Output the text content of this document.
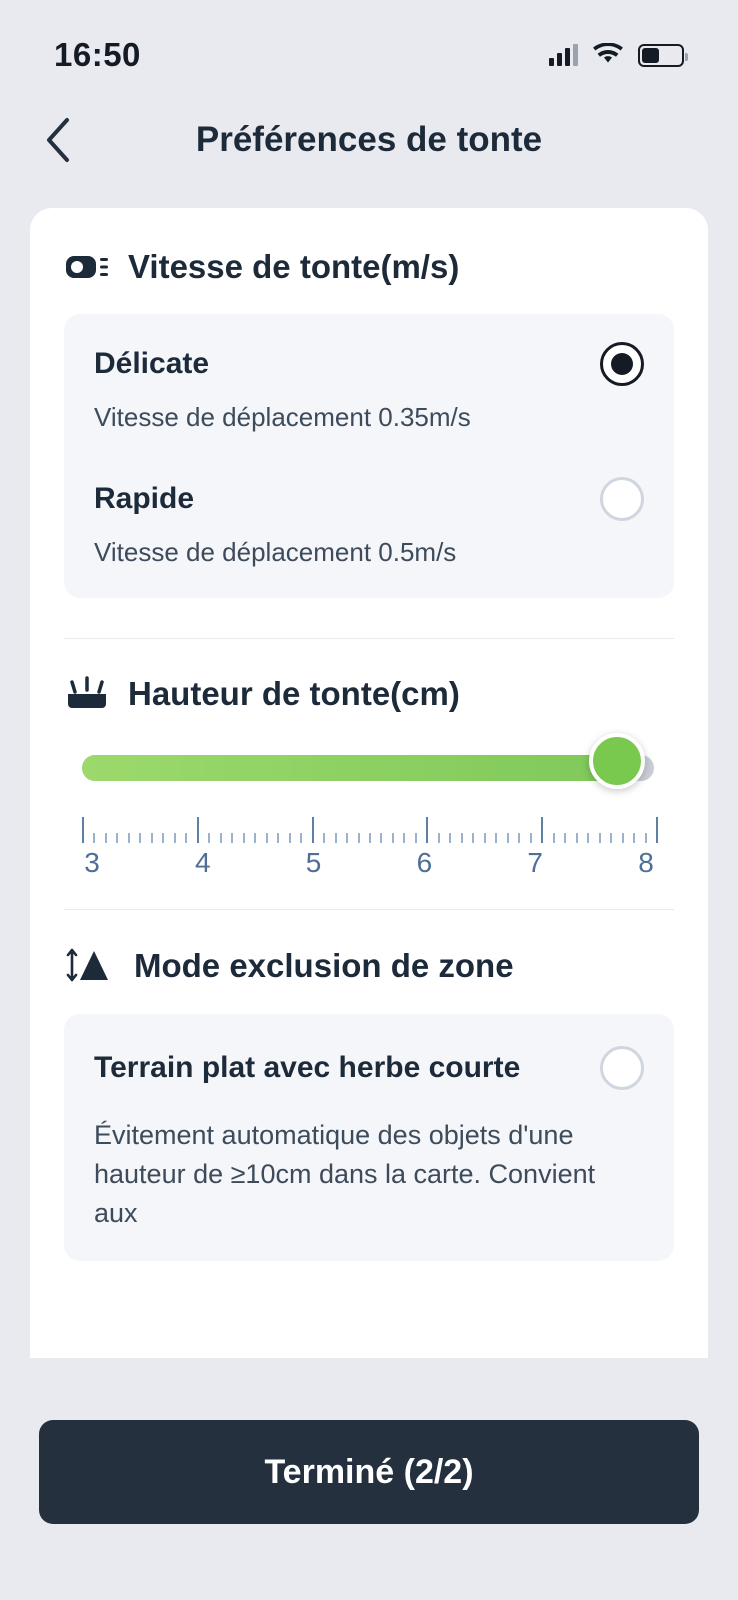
16:50
Préférences de tonte
Vitesse de tonte(m/s)
Délicate
Vitesse de déplacement 0.35m/s
Rapide
Vitesse de déplacement 0.5m/s
Hauteur de tonte(cm)
3	4	5	6	7	8
Mode exclusion de zone
Terrain plat avec herbe courte
Évitement automatique des objets d'une hauteur de ≥10cm dans la carte. Convient aux
Terminé (2/2)
